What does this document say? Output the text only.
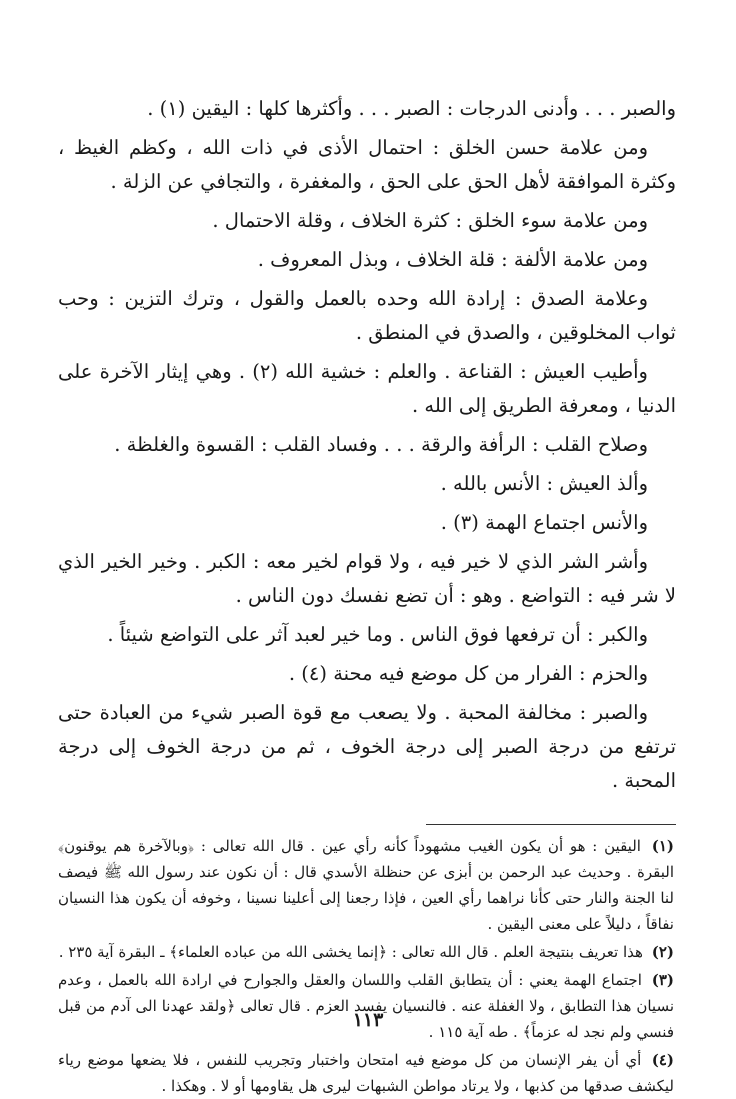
والصبر . . . وأدنى الدرجات : الصبر . . . وأكثرها كلها : اليقين (١) .

ومن علامة حسن الخلق : احتمال الأذى في ذات الله ، وكظم الغيظ ، وكثرة الموافقة لأهل الحق على الحق ، والمغفرة ، والتجافي عن الزلة .

ومن علامة سوء الخلق : كثرة الخلاف ، وقلة الاحتمال .

ومن علامة الألفة : قلة الخلاف ، وبذل المعروف .

وعلامة الصدق : إرادة الله وحده بالعمل والقول ، وترك التزين : وحب ثواب المخلوقين ، والصدق في المنطق .

وأطيب العيش : القناعة . والعلم : خشية الله (٢) . وهي إيثار الآخرة على الدنيا ، ومعرفة الطريق إلى الله .

وصلاح القلب : الرأفة والرقة . . . وفساد القلب : القسوة والغلظة .

وألذ العيش : الأنس بالله .

والأنس اجتماع الهمة (٣) .

وأشر الشر الذي لا خير فيه ، ولا قوام لخير معه : الكبر . وخير الخير الذي لا شر فيه : التواضع . وهو : أن تضع نفسك دون الناس .

والكبر : أن ترفعها فوق الناس . وما خير لعبد آثر على التواضع شيئاً .

والحزم : الفرار من كل موضع فيه محنة (٤) .

والصبر : مخالفة المحبة . ولا يصعب مع قوة الصبر شيء من العبادة حتى ترتفع من درجة الصبر إلى درجة الخوف ، ثم من درجة الخوف إلى درجة المحبة .

(١) اليقين : هو أن يكون الغيب مشهوداً كأنه رأي عين . قال الله تعالى : ﴿وبالآخرة هم يوقنون﴾ البقرة . وحديث عبد الرحمن بن أبزى عن حنظلة الأسدي قال : أن نكون عند رسول الله ﷺ فيصف لنا الجنة والنار حتى كأنا نراهما رأي العين ، فإذا رجعنا إلى أعلينا نسينا ، وخوفه أن يكون هذا النسيان نفاقاً ، دليلاً على معنى اليقين .

(٢) هذا تعريف بنتيجة العلم . قال الله تعالى : ﴿إنما يخشى الله من عباده العلماء﴾ ـ البقرة آية ٢٣٥ .

(٣) اجتماع الهمة يعني : أن يتطابق القلب واللسان والعقل والجوارح في ارادة الله بالعمل ، وعدم نسيان هذا التطابق ، ولا الغفلة عنه . فالنسيان يفسد العزم . قال تعالى ﴿ولقد عهدنا الى آدم من قبل فنسي ولم نجد له عزماً﴾ . طه آية ١١٥ .

(٤) أي أن يفر الإنسان من كل موضع فيه امتحان واختبار وتجريب للنفس ، فلا يضعها موضع رياء ليكشف صدقها من كذبها ، ولا يرتاد مواطن الشبهات ليرى هل يقاومها أو لا . وهكذا .

١١٣
